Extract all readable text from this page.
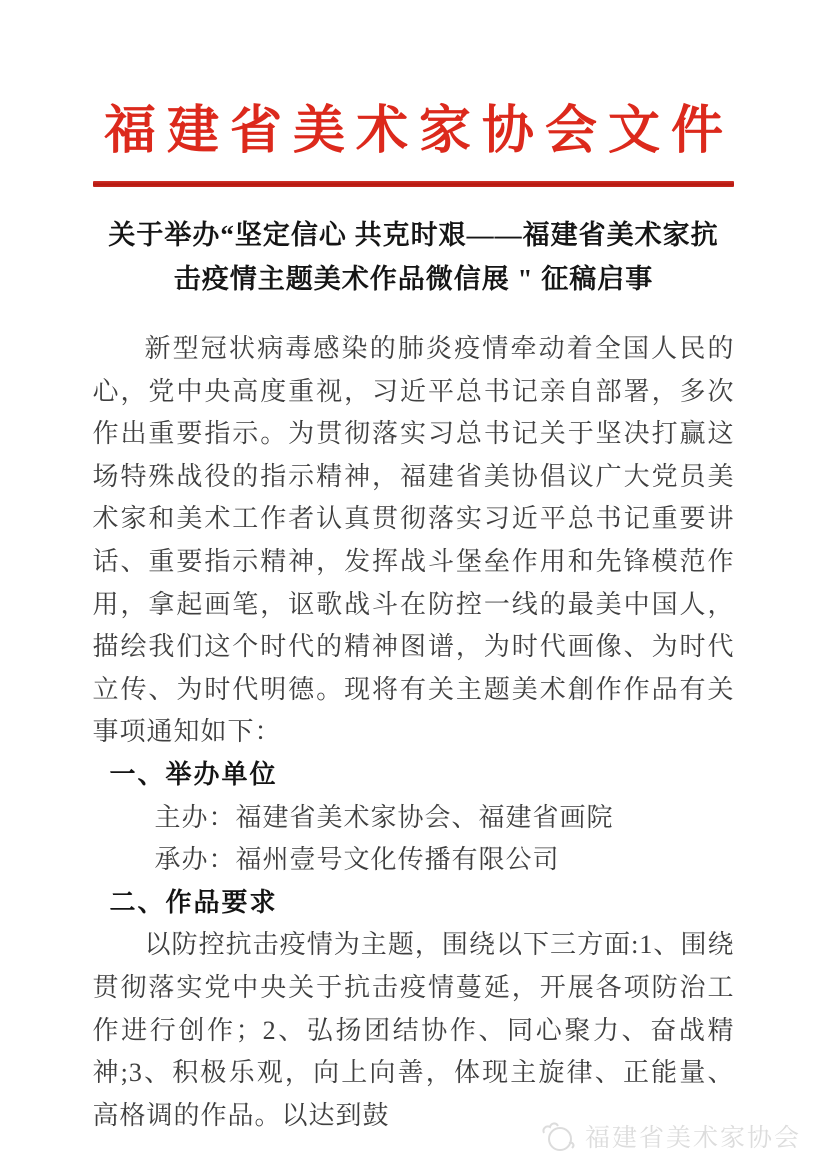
福建省美术家协会文件
关于举办“坚定信心 共克时艰——福建省美术家抗
击疫情主题美术作品微信展 " 征稿启事

新型冠状病毒感染的肺炎疫情牵动着全国人民的心，党中央高度重视，习近平总书记亲自部署，多次作出重要指示。为贯彻落实习总书记关于坚决打赢这场特殊战役的指示精神，福建省美协倡议广大党员美术家和美术工作者认真贯彻落实习近平总书记重要讲话、重要指示精神，发挥战斗堡垒作用和先锋模范作用，拿起画笔，讴歌战斗在防控一线的最美中国人，描绘我们这个时代的精神图谱，为时代画像、为时代立传、为时代明德。现将有关主题美术創作作品有关事项通知如下：

一、举办单位

主办：福建省美术家协会、福建省画院

承办：福州壹号文化传播有限公司

二、作品要求

以防控抗击疫情为主题，围绕以下三方面:1、围绕贯彻落实党中央关于抗击疫情蔓延，开展各项防治工作进行创作；2、弘扬团结协作、同心聚力、奋战精神;3、积极乐观，向上向善，体现主旋律、正能量、高格调的作品。以达到鼓

福建省美术家协会
